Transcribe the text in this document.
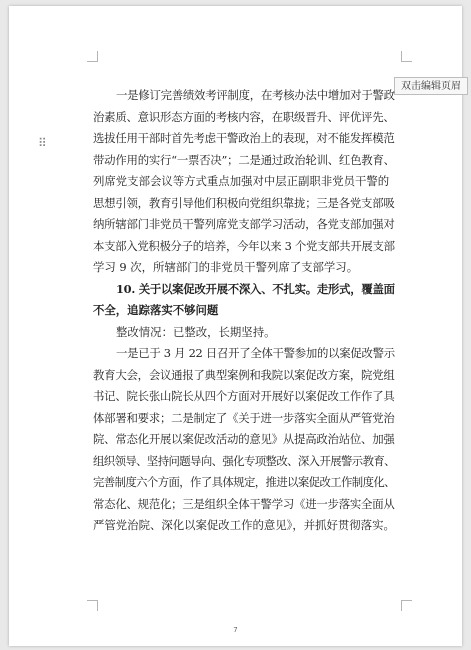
7
双击编辑页眉
⠿
一是修订完善绩效考评制度，在考核办法中增加对于警政
治素质、意识形态方面的考核内容，在职级晋升、评优评先、
选拔任用干部时首先考虑干警政治上的表现，对不能发挥模范
带动作用的实行“一票否决”；二是通过政治轮训、红色教育、
列席党支部会议等方式重点加强对中层正副职非党员干警的
思想引领，教育引导他们积极向党组织靠拢；三是各党支部吸
纳所辖部门非党员干警列席党支部学习活动，各党支部加强对
本支部入党积极分子的培养，今年以来 3 个党支部共开展支部
学习 9 次，所辖部门的非党员干警列席了支部学习。
10. 关于以案促改开展不深入、不扎实。走形式，覆盖面
不全，追踪落实不够问题
整改情况：已整改，长期坚持。
一是已于 3 月 22 日召开了全体干警参加的以案促改警示
教育大会，会议通报了典型案例和我院以案促改方案，院党组
书记、院长张山院长从四个方面对开展好以案促改工作作了具
体部署和要求；二是制定了《关于进一步落实全面从严管党治
院、常态化开展以案促改活动的意见》从提高政治站位、加强
组织领导、坚持问题导向、强化专项整改、深入开展警示教育、
完善制度六个方面，作了具体规定，推进以案促改工作制度化、
常态化、规范化；三是组织全体干警学习《进一步落实全面从
严管党治院、深化以案促改工作的意见》，并抓好贯彻落实。
